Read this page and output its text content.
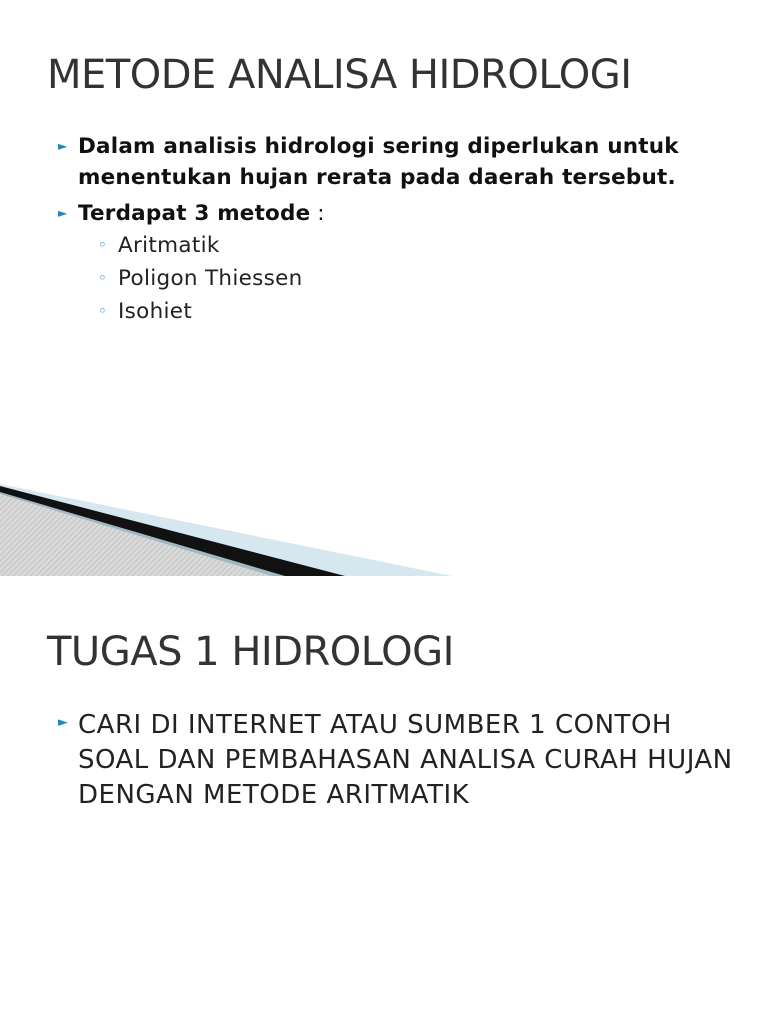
METODE ANALISA HIDROLOGI
► Dalam analisis hidrologi sering diperlukan untuk menentukan hujan rerata pada daerah tersebut.
► Terdapat 3 metode :
◦ Aritmatik
◦ Poligon Thiessen
◦ Isohiet
TUGAS 1 HIDROLOGI
► CARI DI INTERNET ATAU SUMBER 1 CONTOH SOAL DAN PEMBAHASAN ANALISA CURAH HUJAN DENGAN METODE ARITMATIK
